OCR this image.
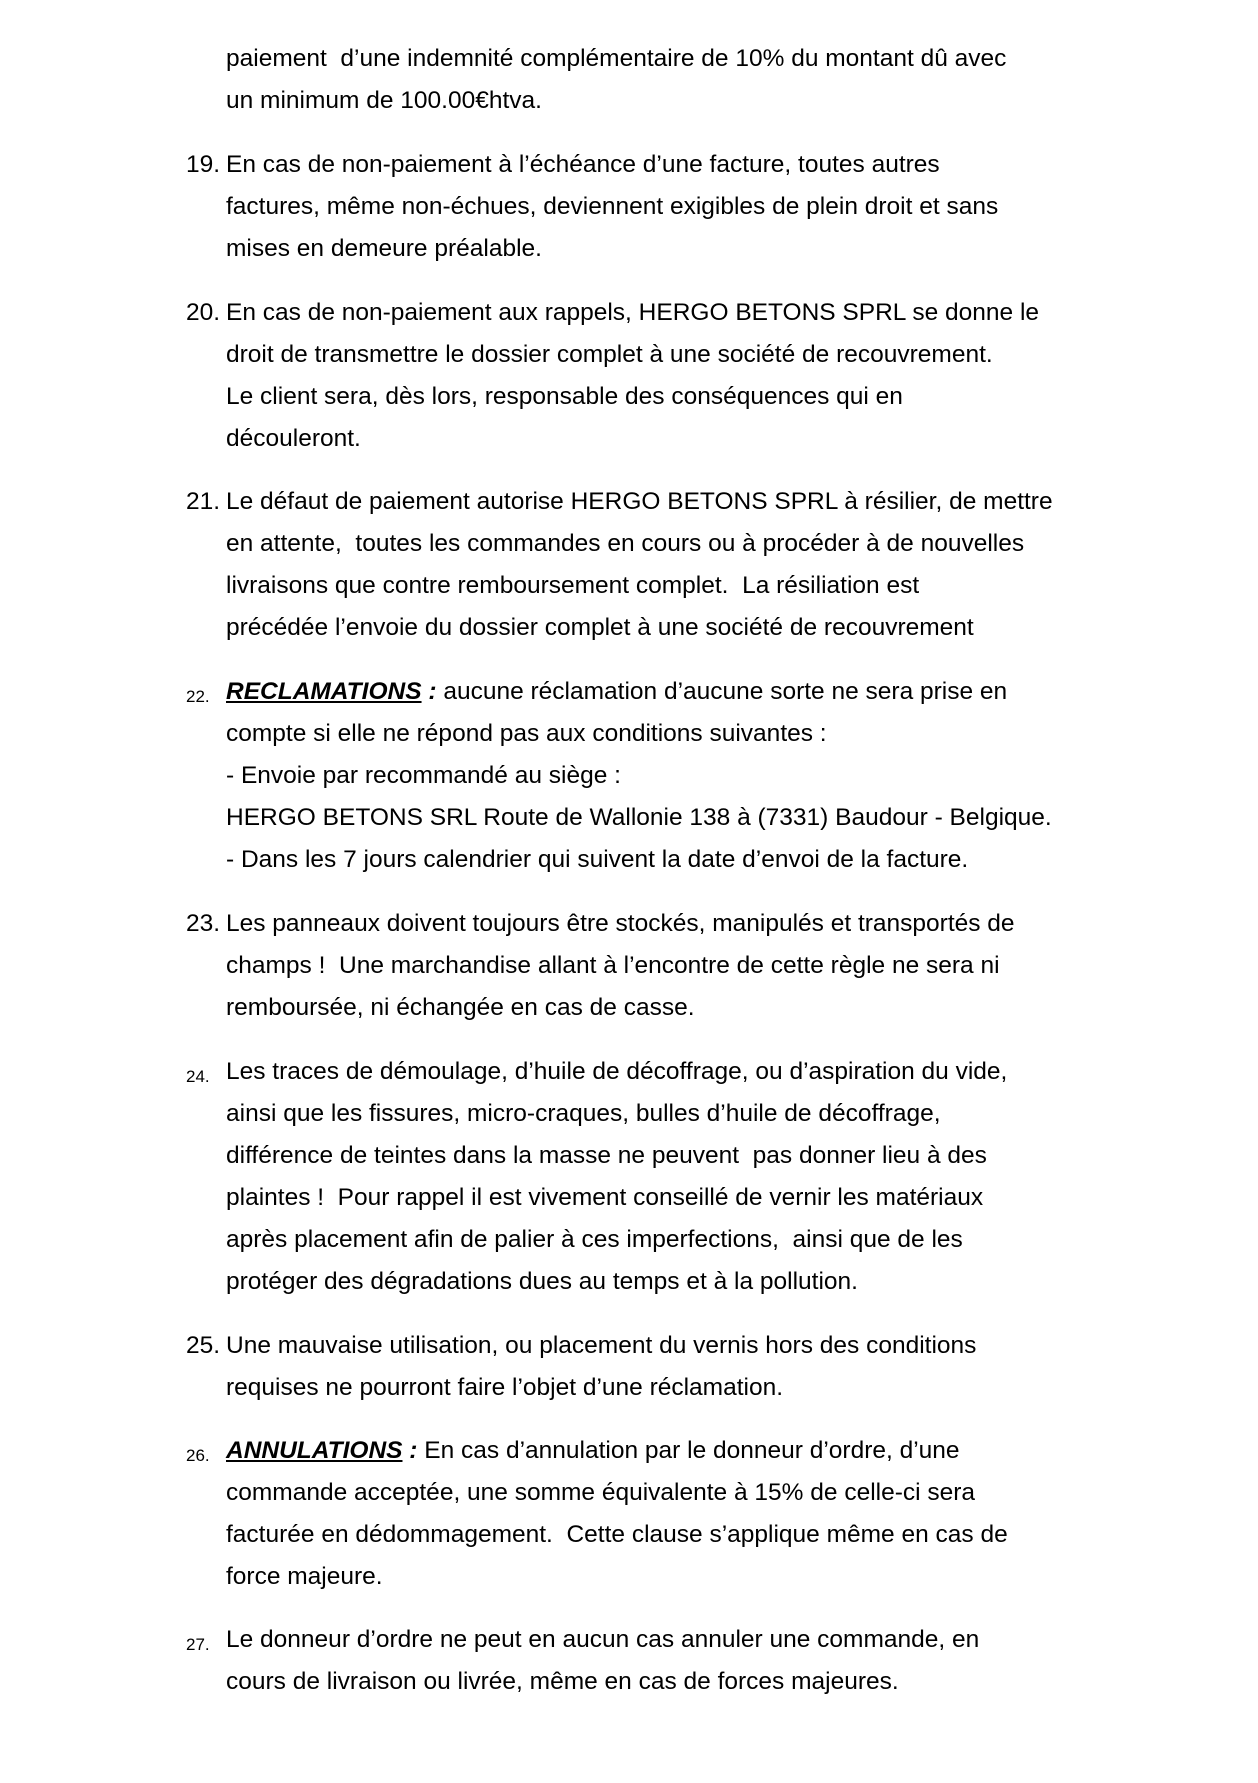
paiement  d’une indemnité complémentaire de 10% du montant dû avec
un minimum de 100.00€htva.
19. En cas de non-paiement à l’échéance d’une facture, toutes autres
factures, même non-échues, deviennent exigibles de plein droit et sans
mises en demeure préalable.
20. En cas de non-paiement aux rappels, HERGO BETONS SPRL se donne le
droit de transmettre le dossier complet à une société de recouvrement.
Le client sera, dès lors, responsable des conséquences qui en
découleront.
21. Le défaut de paiement autorise HERGO BETONS SPRL à résilier, de mettre
en attente,  toutes les commandes en cours ou à procéder à de nouvelles
livraisons que contre remboursement complet.  La résiliation est
précédée l’envoie du dossier complet à une société de recouvrement
22. RECLAMATIONS : aucune réclamation d’aucune sorte ne sera prise en
compte si elle ne répond pas aux conditions suivantes :
- Envoie par recommandé au siège :
HERGO BETONS SRL Route de Wallonie 138 à (7331) Baudour - Belgique.
- Dans les 7 jours calendrier qui suivent la date d’envoi de la facture.
23. Les panneaux doivent toujours être stockés, manipulés et transportés de
champs !  Une marchandise allant à l’encontre de cette règle ne sera ni
remboursée, ni échangée en cas de casse.
24. Les traces de démoulage, d’huile de décoffrage, ou d’aspiration du vide,
ainsi que les fissures, micro-craques, bulles d’huile de décoffrage,
différence de teintes dans la masse ne peuvent  pas donner lieu à des
plaintes !  Pour rappel il est vivement conseillé de vernir les matériaux
après placement afin de palier à ces imperfections,  ainsi que de les
protéger des dégradations dues au temps et à la pollution.
25. Une mauvaise utilisation, ou placement du vernis hors des conditions
requises ne pourront faire l’objet d’une réclamation.
26. ANNULATIONS : En cas d’annulation par le donneur d’ordre, d’une
commande acceptée, une somme équivalente à 15% de celle-ci sera
facturée en dédommagement.  Cette clause s’applique même en cas de
force majeure.
27. Le donneur d’ordre ne peut en aucun cas annuler une commande, en
cours de livraison ou livrée, même en cas de forces majeures.
